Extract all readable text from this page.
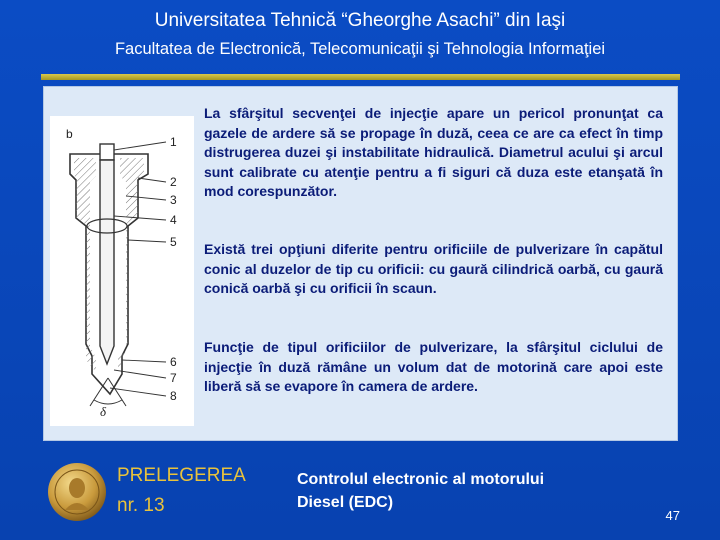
Universitatea Tehnică “Gheorghe Asachi” din Iaşi
Facultatea de Electronică, Telecomunicaţii şi Tehnologia Informaţiei
b
δ
1
2
3
4
5
6
7
8

La sfârşitul secvenţei de injecţie apare un pericol pronunţat ca gazele de ardere să se propage în duză, ceea ce are ca efect în timp distrugerea duzei şi instabilitate hidraulică. Diametrul acului şi arcul sunt calibrate cu atenţie pentru a fi siguri că duza este etanşată în mod corespunzător.

Există trei opţiuni diferite pentru orificiile de pulverizare în capătul conic al duzelor de tip cu orificii: cu gaură cilindrică oarbă, cu gaură conică oarbă şi cu orificii în scaun.

Funcţie de tipul orificiilor de pulverizare, la sfârşitul ciclului de injecţie în duză rămâne un volum dat de motorină care apoi este liberă să se evapore în camera de ardere.

PRELEGEREA
nr. 13
Controlul electronic al motorului
Diesel (EDC)
47
